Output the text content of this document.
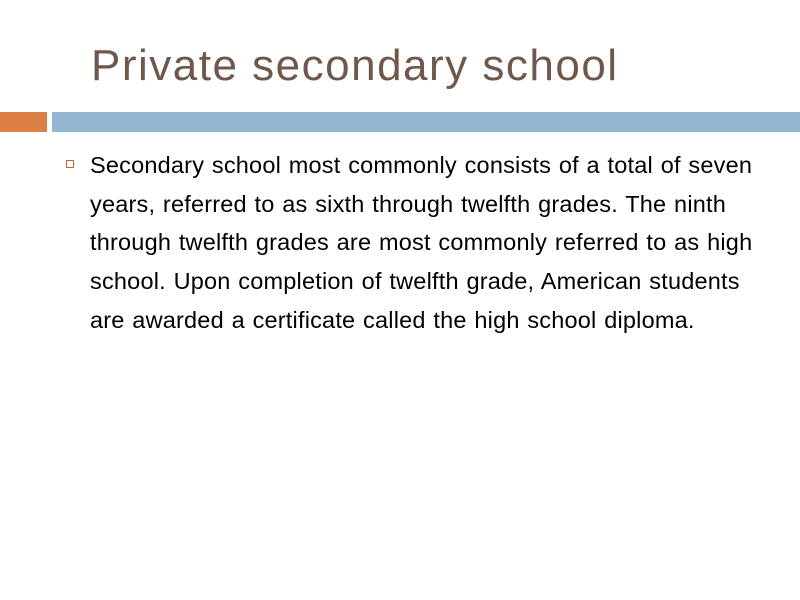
Private secondary school
Secondary school most commonly consists of a total of seven years, referred to as sixth through twelfth grades. The ninth through twelfth grades are most commonly referred to as high school. Upon completion of twelfth grade, American students are awarded a certificate called the high school diploma.
